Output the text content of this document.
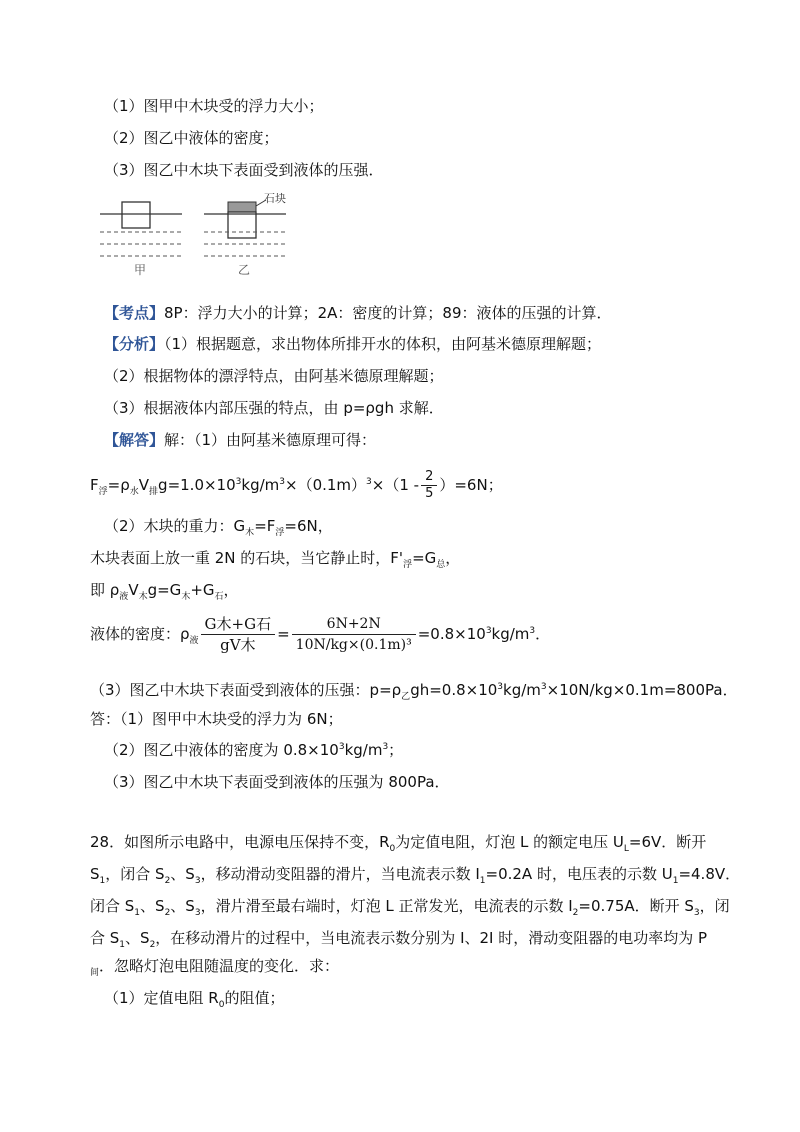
（1）图甲中木块受的浮力大小；
（2）图乙中液体的密度；
（3）图乙中木块下表面受到液体的压强．
甲
石块
乙
【考点】8P：浮力大小的计算；2A：密度的计算；89：液体的压强的计算．
【分析】（1）根据题意，求出物体所排开水的体积，由阿基米德原理解题；
（2）根据物体的漂浮特点，由阿基米德原理解题；
（3）根据液体内部压强的特点，由 p=ρgh 求解．
【解答】解：（1）由阿基米德原理可得：
$F_浮=\rho_水V_排g=1.0\times 10^3kg/m^3\times(0.1m)^3\times(1 - \frac{2}{5} )=6N$；
（2）木块的重力：$G_木=F_浮=6N$，
木块表面上放一重 2N 的石块，当它静止时，$F'_浮=G_总$，
即 $\rho_液V_木g=G_木+G_石$，
液体的密度：$\rho_液 \frac{\text{G木+G石}}{\text{gV木}} = \frac{6N+2N}{\text{10N/kg×(0.1m)³}} =0.8\times 10^3kg/m^3$．
（3）图乙中木块下表面受到液体的压强：$p=\rho_乙gh=0.8\times 10^3kg/m^3\times 10N/kg\times 0.1m=800Pa$．
答：（1）图甲中木块受的浮力为 6N；
（2）图乙中液体的密度为 $0.8\times 10^3kg/m^3$；
（3）图乙中木块下表面受到液体的压强为 800Pa．
28．如图所示电路中，电源电压保持不变，$R_0$为定值电阻，灯泡 L 的额定电压 $U_L=6V$．断开
$S_1$，闭合 $S_2$、$S_3$，移动滑动变阻器的滑片，当电流表示数 $I_1=0.2A$ 时，电压表的示数 $U_1=4.8V$．
闭合 $S_1$、$S_2$、$S_3$，滑片滑至最右端时，灯泡 L 正常发光，电流表的示数 $I_2=0.75A$．断开 $S_3$，闭
合 $S_1$、$S_2$，在移动滑片的过程中，当电流表示数分别为 I、2I 时，滑动变阻器的电功率均为 P
$_间$．忽略灯泡电阻随温度的变化．求：
（1）定值电阻 $R_0$的阻值；
